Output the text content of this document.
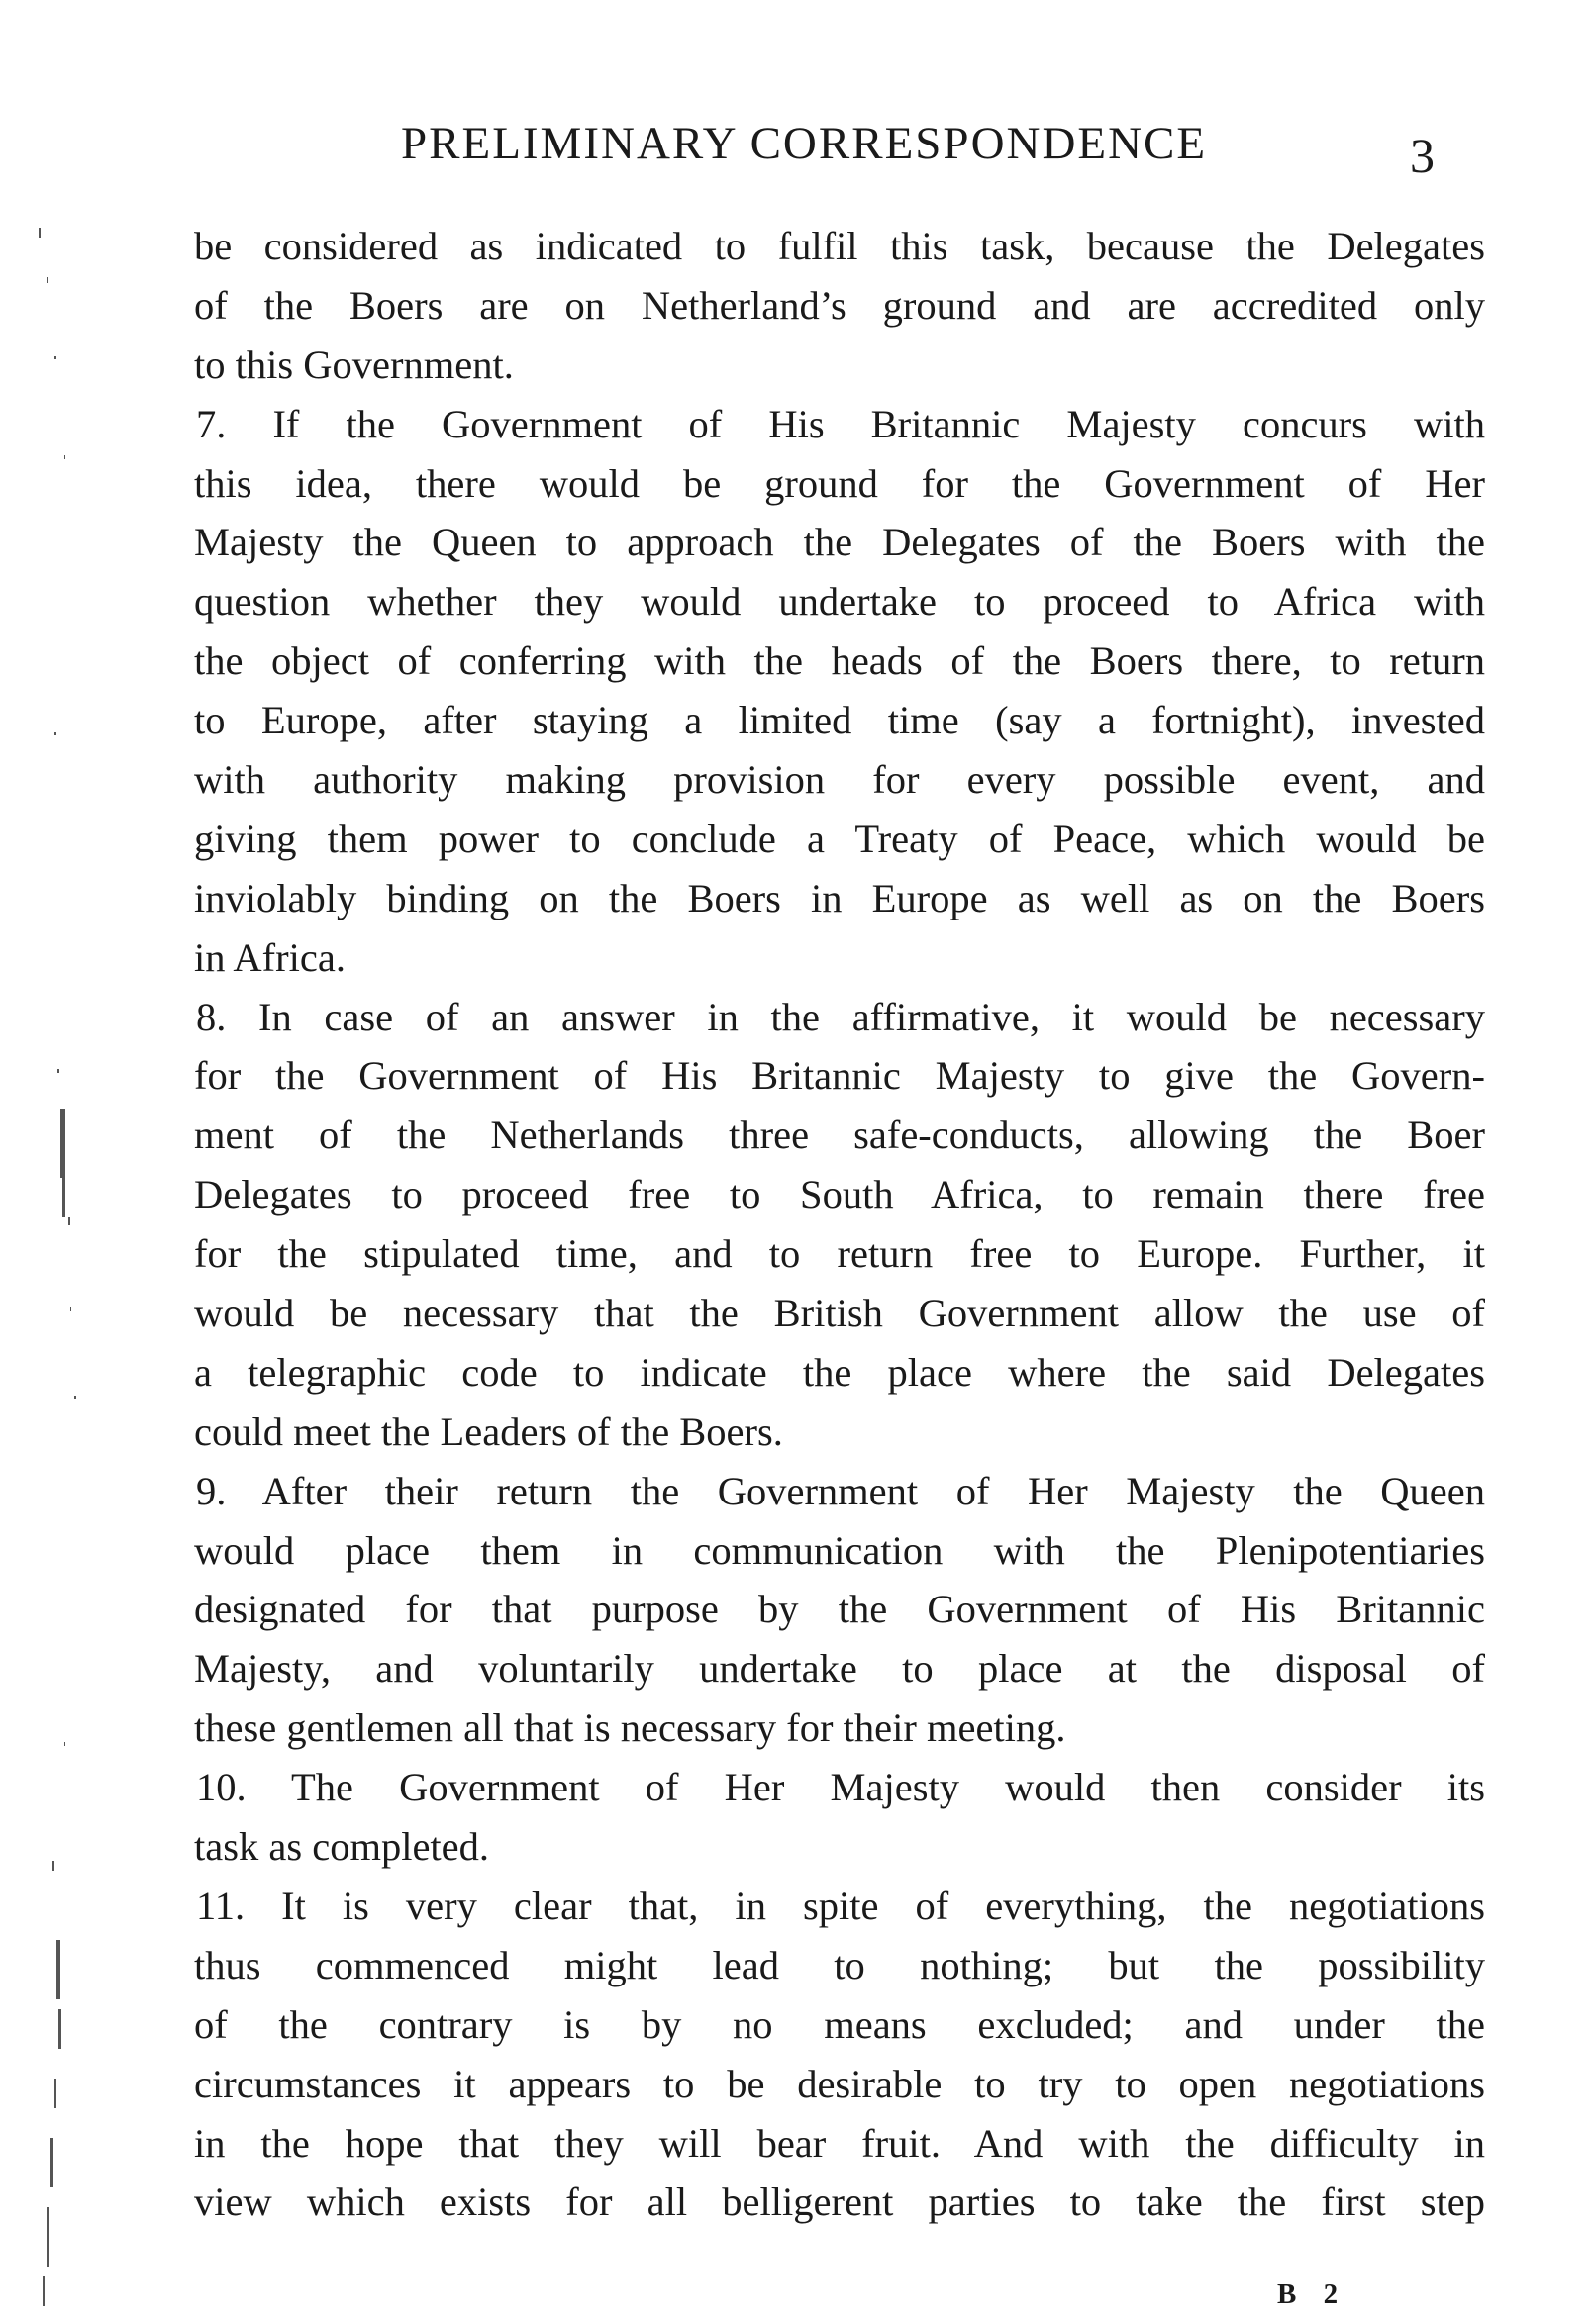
PRELIMINARY CORRESPONDENCE	3
be considered as indicated to fulfil this task, because the Delegates
of the Boers are on Netherland’s ground and are accredited only
to this Government.
7. If the Government of His Britannic Majesty concurs with
this idea, there would be ground for the Government of Her
Majesty the Queen to approach the Delegates of the Boers with the
question whether they would undertake to proceed to Africa with
the object of conferring with the heads of the Boers there, to return
to Europe, after staying a limited time (say a fortnight), invested
with authority making provision for every possible event, and
giving them power to conclude a Treaty of Peace, which would be
inviolably binding on the Boers in Europe as well as on the Boers
in Africa.
8. In case of an answer in the affirmative, it would be necessary
for the Government of His Britannic Majesty to give the Govern-
ment of the Netherlands three safe-conducts, allowing the Boer
Delegates to proceed free to South Africa, to remain there free
for the stipulated time, and to return free to Europe. Further, it
would be necessary that the British Government allow the use of
a telegraphic code to indicate the place where the said Delegates
could meet the Leaders of the Boers.
9. After their return the Government of Her Majesty the Queen
would place them in communication with the Plenipotentiaries
designated for that purpose by the Government of His Britannic
Majesty, and voluntarily undertake to place at the disposal of
these gentlemen all that is necessary for their meeting.
10. The Government of Her Majesty would then consider its
task as completed.
11. It is very clear that, in spite of everything, the negotiations
thus commenced might lead to nothing; but the possibility
of the contrary is by no means excluded; and under the
circumstances it appears to be desirable to try to open negotiations
in the hope that they will bear fruit. And with the difficulty in
view which exists for all belligerent parties to take the first step
B 2
